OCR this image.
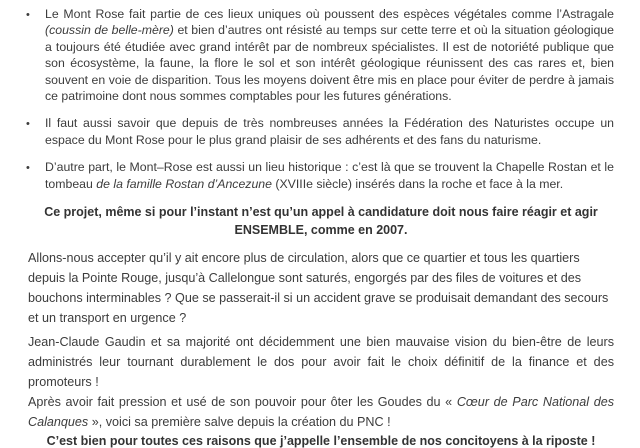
• Le Mont Rose fait partie de ces lieux uniques où poussent des espèces végétales comme l’Astragale (coussin de belle-mère) et bien d’autres ont résisté au temps sur cette terre et où la situation géologique a toujours été étudiée avec grand intérêt par de nombreux spécialistes. Il est de notoriété publique que son écosystème, la faune, la flore le sol et son intérêt géologique réunissent des cas rares et, bien souvent en voie de disparition. Tous les moyens doivent être mis en place pour éviter de perdre à jamais ce patrimoine dont nous sommes comptables pour les futures générations.
• Il faut aussi savoir que depuis de très nombreuses années la Fédération des Naturistes occupe un espace du Mont Rose pour le plus grand plaisir de ses adhérents et des fans du naturisme.
• D’autre part, le Mont–Rose est aussi un lieu historique : c’est là que se trouvent la Chapelle Rostan et le tombeau de la famille Rostan d’Ancezune (XVIIIe siècle) insérés dans la roche et face à la mer.

Ce projet, même si pour l’instant n’est qu’un appel à candidature doit nous faire réagir et agir ENSEMBLE, comme en 2007.

Allons-nous accepter qu’il y ait encore plus de circulation, alors que ce quartier et tous les quartiers depuis la Pointe Rouge, jusqu’à Callelongue sont saturés, engorgés par des files de voitures et des bouchons interminables ? Que se passerait-il si un accident grave se produisait demandant des secours et un transport en urgence ?

Jean-Claude Gaudin et sa majorité ont décidemment une bien mauvaise vision du bien-être de leurs administrés leur tournant durablement le dos pour avoir fait le choix définitif de la finance et des promoteurs !

Après avoir fait pression et usé de son pouvoir pour ôter les Goudes du « Cœur de Parc National des Calanques », voici sa première salve depuis la création du PNC !

C’est bien pour toutes ces raisons que j’appelle l’ensemble de nos concitoyens à la riposte !
